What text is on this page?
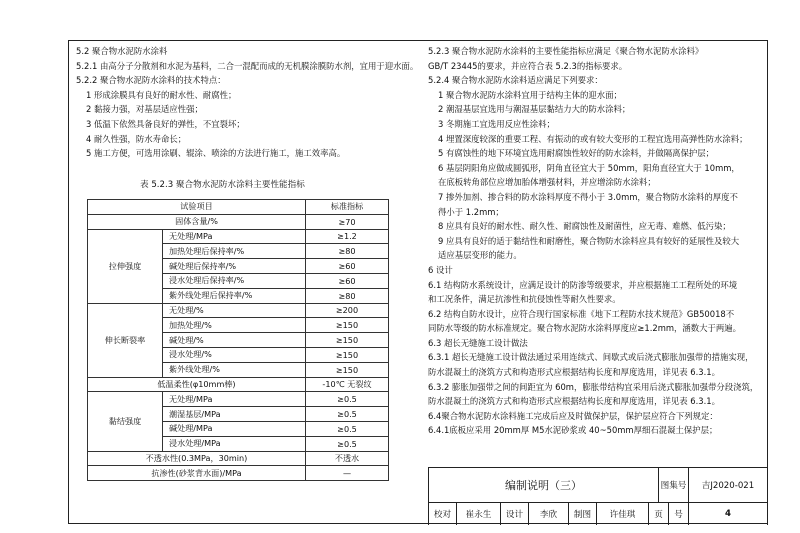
5.2 聚合物水泥防水涂料
5.2.1 由高分子分散剂和水泥为基料，二合一混配而成的无机膜涂膜防水剂，宜用于迎水面。
5.2.2 聚合物水泥防水涂料的技术特点：
1 形成涂膜具有良好的耐水性、耐腐性；
2 黏接力强，对基层适应性强；
3 低温下依然具备良好的弹性，不宜裂坏；
4 耐久性强，防水寿命长；
5 施工方便，可选用涂刷、辊涂、喷涂的方法进行施工，施工效率高。
表 5.2.3 聚合物水泥防水涂料主要性能指标
试验项目		标准指标
固体含量/%		≥70
拉伸强度	无处理/MPa	≥1.2
	加热处理后保持率/%	≥80
	碱处理后保持率/%	≥60
	浸水处理后保持率/%	≥60
	紫外线处理后保持率/%	≥80
伸长断裂率	无处理/%	≥200
	加热处理/%	≥150
	碱处理/%	≥150
	浸水处理/%	≥150
	紫外线处理/%	≥150
低温柔性(φ10mm棒)		-10℃ 无裂纹
黏结强度	无处理/MPa	≥0.5
	潮湿基层/MPa	≥0.5
	碱处理/MPa	≥0.5
	浸水处理/MPa	≥0.5
不透水性(0.3MPa，30min)		不透水
抗渗性(砂浆背水面)/MPa		—
5.2.3 聚合物水泥防水涂料的主要性能指标应满足《聚合物水泥防水涂料》
GB/T 23445的要求，并应符合表 5.2.3的指标要求。
5.2.4 聚合物水泥防水涂料适应满足下列要求：
1 聚合物水泥防水涂料宜用于结构主体的迎水面；
2 潮湿基层宜选用与潮湿基层黏结力大的防水涂料；
3 冬期施工宜选用反应性涂料；
4 埋置深度较深的重要工程、有振动的或有较大变形的工程宜选用高弹性防水涂料；
5 有腐蚀性的地下环境宜选用耐腐蚀性较好的防水涂料，并做隔离保护层；
6 基层阴阳角应做成圆弧形，阴角直径宜大于 50mm，阳角直径宜大于 10mm，
在底板转角部位应增加胎体增强材料，并应增涂防水涂料；
7 掺外加剂、掺合料的防水涂料厚度不得小于 3.0mm，聚合物防水涂料的厚度不
得小于 1.2mm；
8 应具有良好的耐水性、耐久性、耐腐蚀性及耐菌性，应无毒、难燃、低污染；
9 应具有良好的适于黏结性和耐磨性，聚合物防水涂料应具有较好的延展性及较大
适应基层变形的能力。
6 设计
6.1 结构防水系统设计，应满足设计的防渗等级要求，并应根据施工工程所处的环境
和工况条件，满足抗渗性和抗侵蚀性等耐久性要求。
6.2 结构自防水设计，应符合现行国家标准《地下工程防水技术规范》GB50018不
同防水等级的防水标准规定。聚合物水泥防水涂料厚度应≥1.2mm，涵数大于两遍。
6.3 超长无缝施工设计做法
6.3.1 超长无缝施工设计做法通过采用连续式、间歇式或后浇式膨胀加强带的措施实现，
防水混凝土的浇筑方式和构造形式应根据结构长度和厚度选用，详见表 6.3.1。
6.3.2 膨胀加强带之间的间距宜为 60m，膨胀带结构宜采用后浇式膨胀加强带分段浇筑，
防水混凝土的浇筑方式和构造形式应根据结构长度和厚度选用，详见表 6.3.1。
6.4聚合物水泥防水涂料施工完成后应及时做保护层，保护层应符合下列规定：
6.4.1底板应采用 20mm厚 M5水泥砂浆或 40~50mm厚细石混凝土保护层；
编制说明（三）	图集号	吉J2020-021
校对	崔永生	设计	李欣	制图	许佳琪	页	号	4
